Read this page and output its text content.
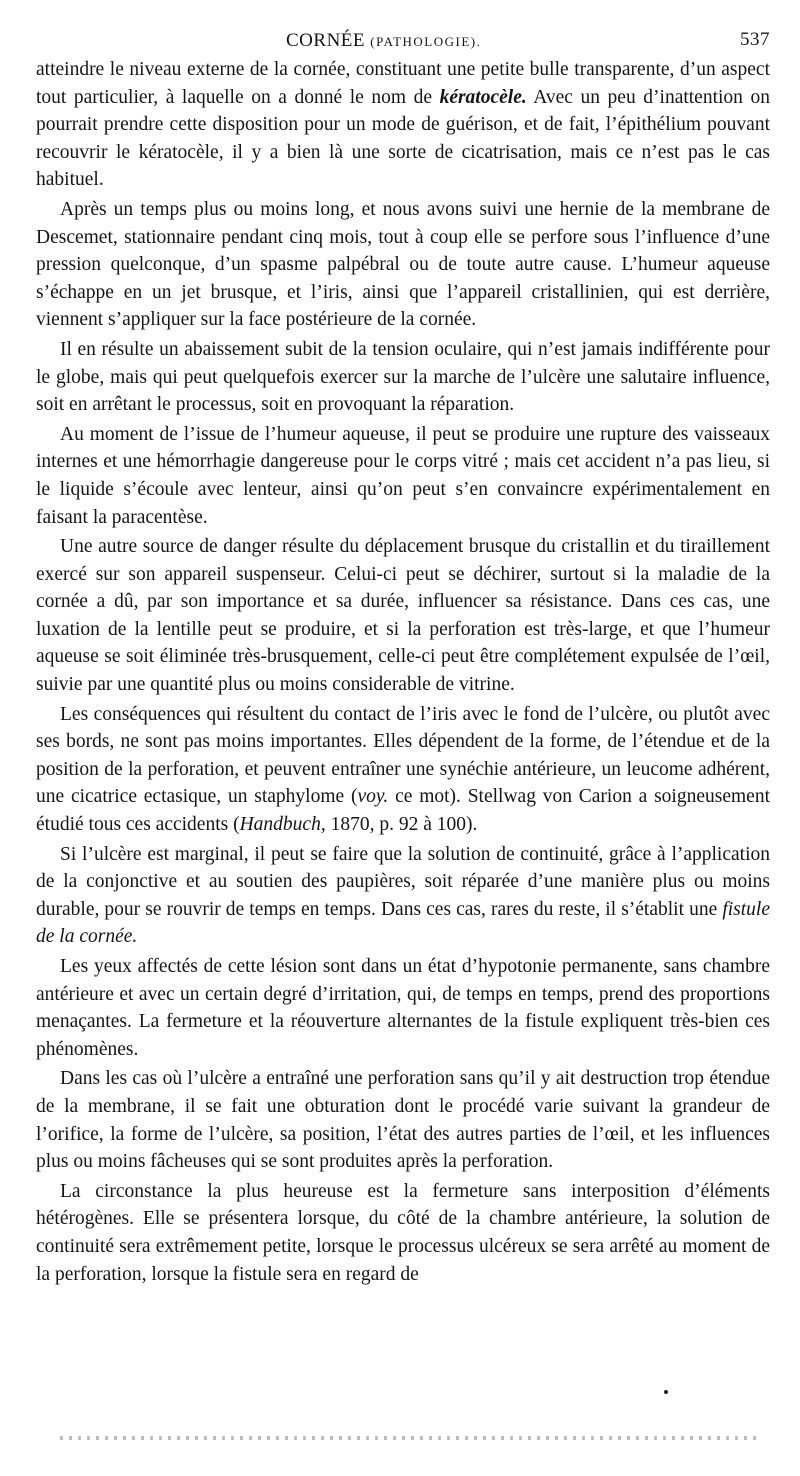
CORNÉE (PATHOLOGIE).	537

atteindre le niveau externe de la cornée, constituant une petite bulle transparente, d’un aspect tout particulier, à laquelle on a donné le nom de kératocèle. Avec un peu d’inattention on pourrait prendre cette disposition pour un mode de guérison, et de fait, l’épithélium pouvant recouvrir le kératocèle, il y a bien là une sorte de cicatrisation, mais ce n’est pas le cas habituel.

Après un temps plus ou moins long, et nous avons suivi une hernie de la membrane de Descemet, stationnaire pendant cinq mois, tout à coup elle se perfore sous l’influence d’une pression quelconque, d’un spasme palpébral ou de toute autre cause. L’humeur aqueuse s’échappe en un jet brusque, et l’iris, ainsi que l’appareil cristallinien, qui est derrière, viennent s’appliquer sur la face postérieure de la cornée.

Il en résulte un abaissement subit de la tension oculaire, qui n’est jamais indifférente pour le globe, mais qui peut quelquefois exercer sur la marche de l’ulcère une salutaire influence, soit en arrêtant le processus, soit en provoquant la réparation.

Au moment de l’issue de l’humeur aqueuse, il peut se produire une rupture des vaisseaux internes et une hémorrhagie dangereuse pour le corps vitré ; mais cet accident n’a pas lieu, si le liquide s’écoule avec lenteur, ainsi qu’on peut s’en convaincre expérimentalement en faisant la paracentèse.

Une autre source de danger résulte du déplacement brusque du cristallin et du tiraillement exercé sur son appareil suspenseur. Celui-ci peut se déchirer, surtout si la maladie de la cornée a dû, par son importance et sa durée, influencer sa résistance. Dans ces cas, une luxation de la lentille peut se produire, et si la perforation est très-large, et que l’humeur aqueuse se soit éliminée très-brusquement, celle-ci peut être complétement expulsée de l’œil, suivie par une quantité plus ou moins considerable de vitrine.

Les conséquences qui résultent du contact de l’iris avec le fond de l’ulcère, ou plutôt avec ses bords, ne sont pas moins importantes. Elles dépendent de la forme, de l’étendue et de la position de la perforation, et peuvent entraîner une synéchie antérieure, un leucome adhérent, une cicatrice ectasique, un staphylome (voy. ce mot). Stellwag von Carion a soigneusement étudié tous ces accidents (Handbuch, 1870, p. 92 à 100).

Si l’ulcère est marginal, il peut se faire que la solution de continuité, grâce à l’application de la conjonctive et au soutien des paupières, soit réparée d’une manière plus ou moins durable, pour se rouvrir de temps en temps. Dans ces cas, rares du reste, il s’établit une fistule de la cornée.

Les yeux affectés de cette lésion sont dans un état d’hypotonie permanente, sans chambre antérieure et avec un certain degré d’irritation, qui, de temps en temps, prend des proportions menaçantes. La fermeture et la réouverture alternantes de la fistule expliquent très-bien ces phénomènes.

Dans les cas où l’ulcère a entraîné une perforation sans qu’il y ait destruction trop étendue de la membrane, il se fait une obturation dont le procédé varie suivant la grandeur de l’orifice, la forme de l’ulcère, sa position, l’état des autres parties de l’œil, et les influences plus ou moins fâcheuses qui se sont produites après la perforation.

La circonstance la plus heureuse est la fermeture sans interposition d’éléments hétérogènes. Elle se présentera lorsque, du côté de la chambre antérieure, la solution de continuité sera extrêmement petite, lorsque le processus ulcéreux se sera arrêté au moment de la perforation, lorsque la fistule sera en regard de
